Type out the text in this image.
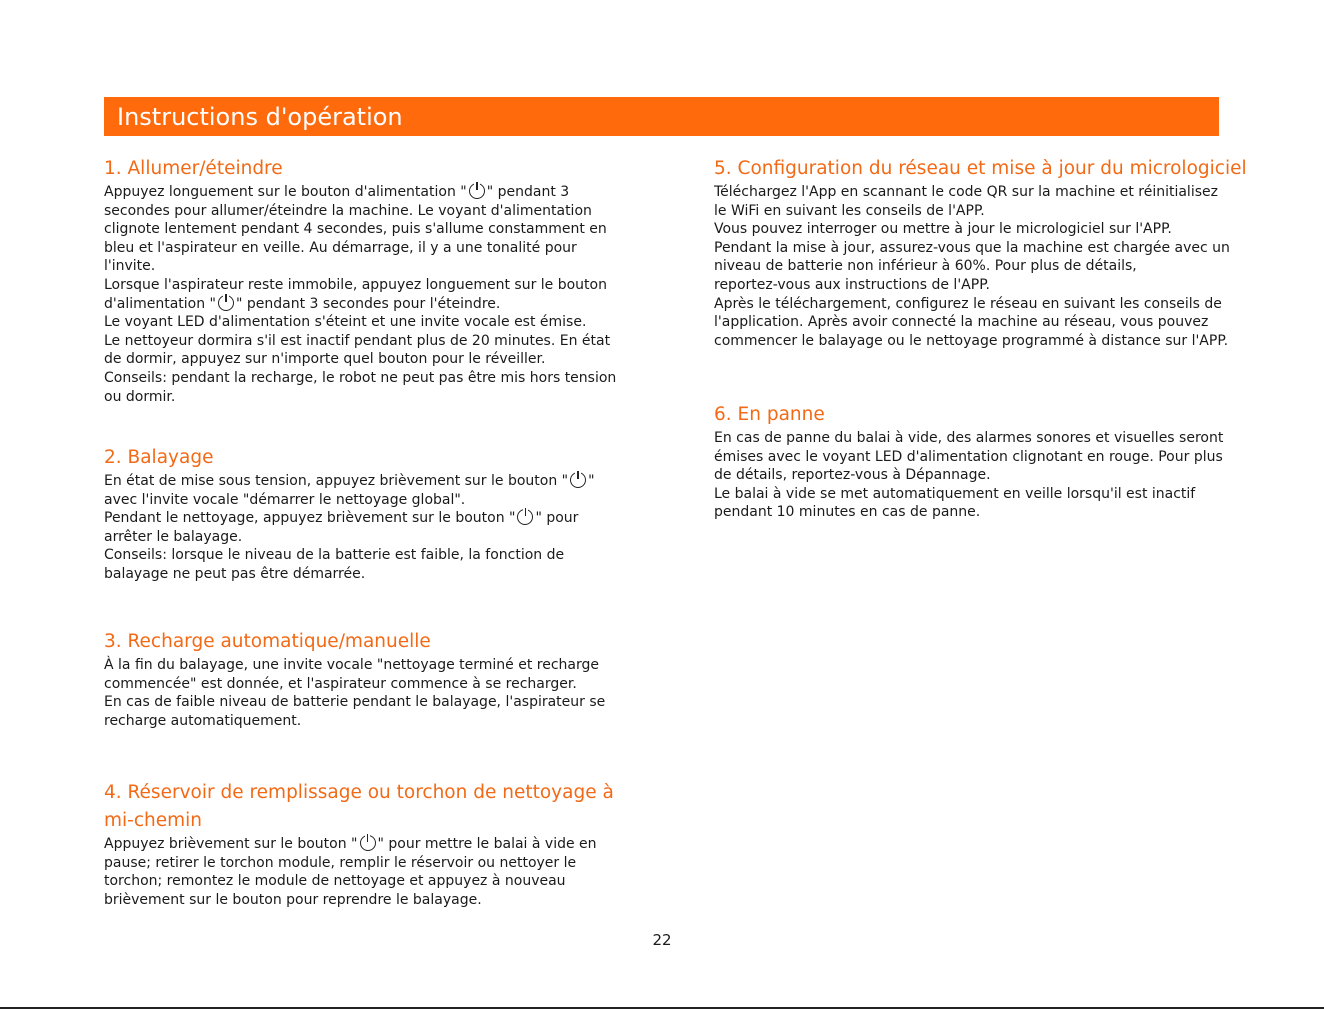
Instructions d'opération
1. Allumer/éteindre
Appuyez longuement sur le bouton d'alimentation " " pendant 3
secondes pour allumer/éteindre la machine. Le voyant d'alimentation
clignote lentement pendant 4 secondes, puis s'allume constamment en
bleu et l'aspirateur en veille. Au démarrage, il y a une tonalité pour
l'invite.
Lorsque l'aspirateur reste immobile, appuyez longuement sur le bouton
d'alimentation " " pendant 3 secondes pour l'éteindre.
Le voyant LED d'alimentation s'éteint et une invite vocale est émise.
Le nettoyeur dormira s'il est inactif pendant plus de 20 minutes. En état
de dormir, appuyez sur n'importe quel bouton pour le réveiller.
Conseils: pendant la recharge, le robot ne peut pas être mis hors tension
ou dormir.
2. Balayage
En état de mise sous tension, appuyez brièvement sur le bouton " "
avec l'invite vocale "démarrer le nettoyage global".
Pendant le nettoyage, appuyez brièvement sur le bouton " " pour
arrêter le balayage.
Conseils: lorsque le niveau de la batterie est faible, la fonction de
balayage ne peut pas être démarrée.
3. Recharge automatique/manuelle
À la fin du balayage, une invite vocale "nettoyage terminé et recharge
commencée" est donnée, et l'aspirateur commence à se recharger.
En cas de faible niveau de batterie pendant le balayage, l'aspirateur se
recharge automatiquement.
4. Réservoir de remplissage ou torchon de nettoyage à
mi-chemin
Appuyez brièvement sur le bouton " " pour mettre le balai à vide en
pause; retirer le torchon module, remplir le réservoir ou nettoyer le
torchon; remontez le module de nettoyage et appuyez à nouveau
brièvement sur le bouton pour reprendre le balayage.
5. Configuration du réseau et mise à jour du micrologiciel
Téléchargez l'App en scannant le code QR sur la machine et réinitialisez
le WiFi en suivant les conseils de l'APP.
Vous pouvez interroger ou mettre à jour le micrologiciel sur l'APP.
Pendant la mise à jour, assurez-vous que la machine est chargée avec un
niveau de batterie non inférieur à 60%. Pour plus de détails,
reportez-vous aux instructions de l'APP.
Après le téléchargement, configurez le réseau en suivant les conseils de
l'application. Après avoir connecté la machine au réseau, vous pouvez
commencer le balayage ou le nettoyage programmé à distance sur l'APP.
6. En panne
En cas de panne du balai à vide, des alarmes sonores et visuelles seront
émises avec le voyant LED d'alimentation clignotant en rouge. Pour plus
de détails, reportez-vous à Dépannage.
Le balai à vide se met automatiquement en veille lorsqu'il est inactif
pendant 10 minutes en cas de panne.
22
